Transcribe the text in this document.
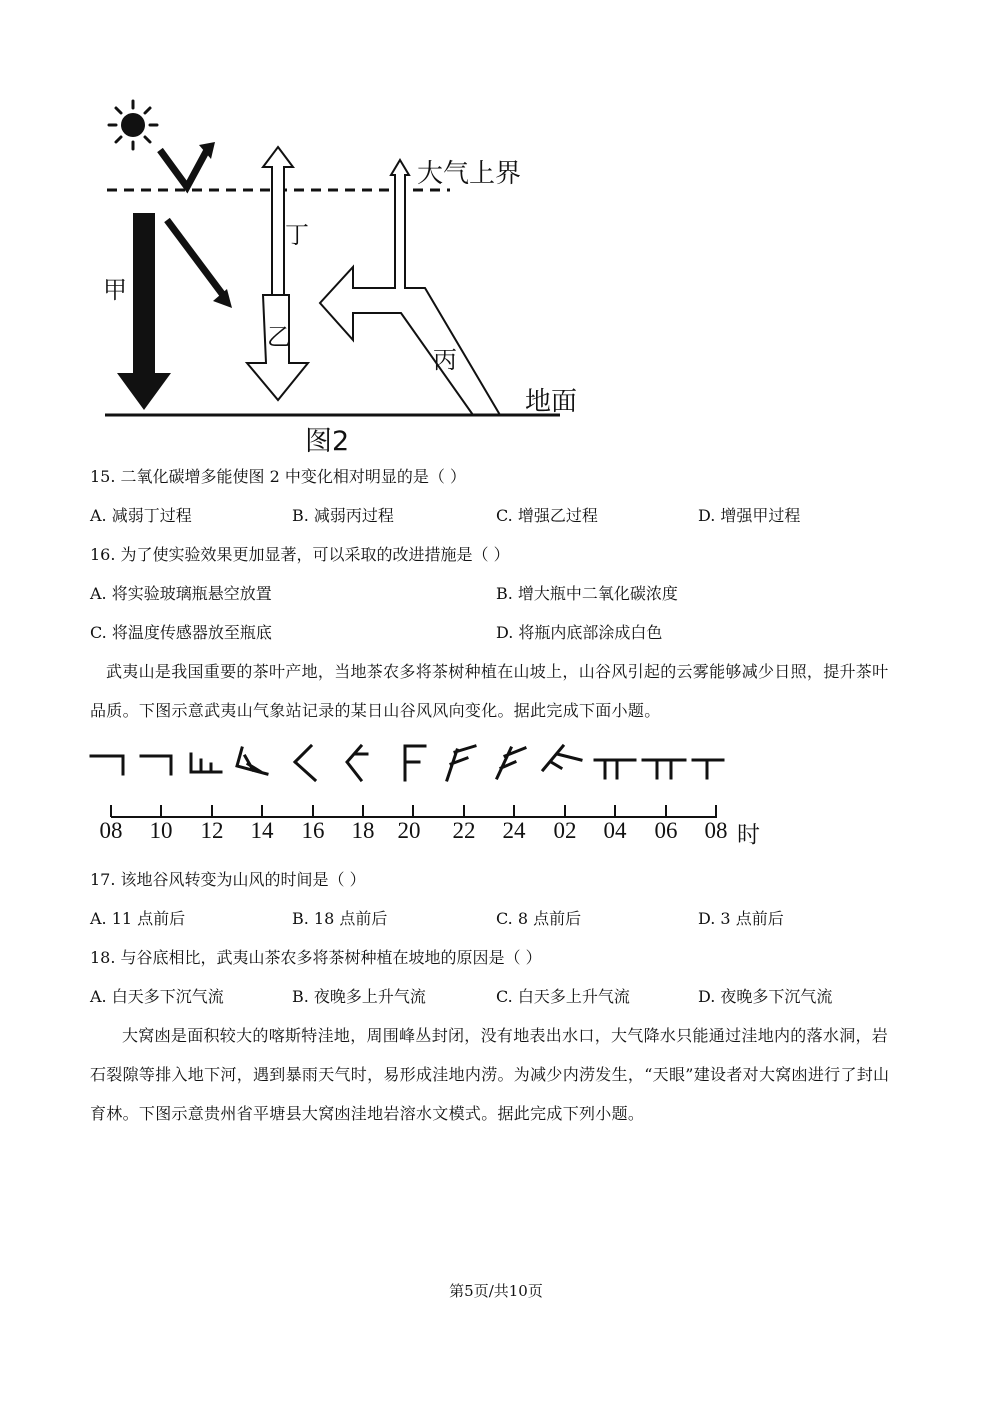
大气上界
地面
甲
丁
乙
丙
图2
15. 二氧化碳增多能使图 2 中变化相对明显的是（ ）
A. 减弱丁过程	B. 减弱丙过程	C. 增强乙过程	D. 增强甲过程
16. 为了使实验效果更加显著，可以采取的改进措施是（ ）
A. 将实验玻璃瓶悬空放置	B. 增大瓶中二氧化碳浓度
C. 将温度传感器放至瓶底	D. 将瓶内底部涂成白色
武夷山是我国重要的茶叶产地，当地茶农多将茶树种植在山坡上，山谷风引起的云雾能够减少日照，提升茶叶品质。下图示意武夷山气象站记录的某日山谷风风向变化。据此完成下面小题。
08 10 12 14 16 18 20 22 24 02 04 06 08 时
17. 该地谷风转变为山风的时间是（ ）
A. 11 点前后	B. 18 点前后	C. 8 点前后	D. 3 点前后
18. 与谷底相比，武夷山茶农多将茶树种植在坡地的原因是（ ）
A. 白天多下沉气流	B. 夜晚多上升气流	C. 白天多上升气流	D. 夜晚多下沉气流
大窝凼是面积较大的喀斯特洼地，周围峰丛封闭，没有地表出水口，大气降水只能通过洼地内的落水洞，岩石裂隙等排入地下河，遇到暴雨天气时，易形成洼地内涝。为减少内涝发生，“天眼”建设者对大窝凼进行了封山育林。下图示意贵州省平塘县大窝凼洼地岩溶水文模式。据此完成下列小题。
第5页/共10页
